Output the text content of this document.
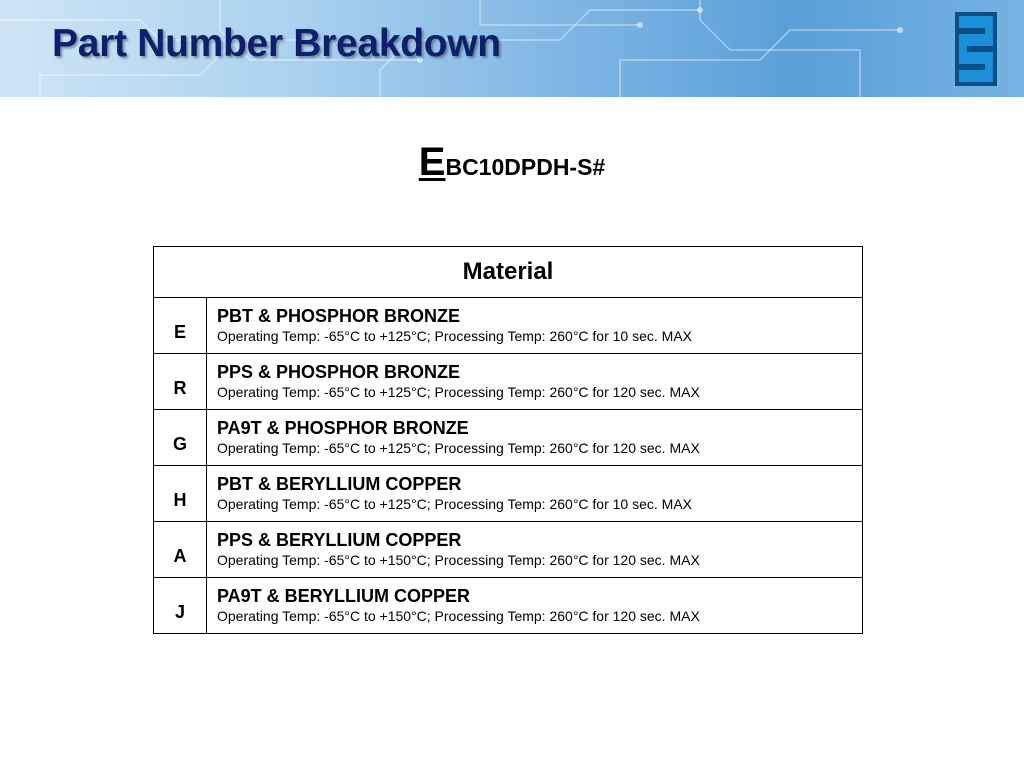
Part Number Breakdown
EBC10DPDH-S#
Material	
E	PBT & PHOSPHOR BRONZE
Operating Temp: -65°C to +125°C; Processing Temp: 260°C for 10 sec. MAX

R	PPS & PHOSPHOR BRONZE
Operating Temp: -65°C to +125°C; Processing Temp: 260°C for 120 sec. MAX

G	PA9T & PHOSPHOR BRONZE
Operating Temp: -65°C to +125°C; Processing Temp: 260°C for 120 sec. MAX

H	PBT & BERYLLIUM COPPER
Operating Temp: -65°C to +125°C; Processing Temp: 260°C for 10 sec. MAX

A	PPS & BERYLLIUM COPPER
Operating Temp: -65°C to +150°C; Processing Temp: 260°C for 120 sec. MAX

J	PA9T & BERYLLIUM COPPER
Operating Temp: -65°C to +150°C; Processing Temp: 260°C for 120 sec. MAX
